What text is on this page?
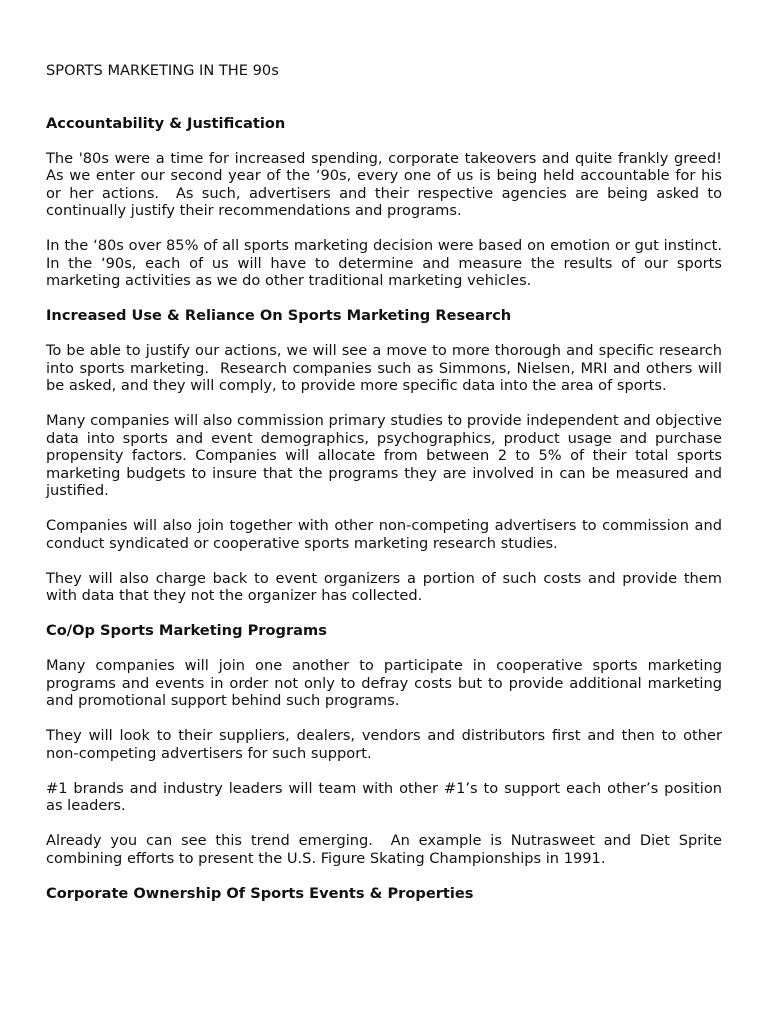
SPORTS MARKETING IN THE 90s

Accountability & Justification

The '80s were a time for increased spending, corporate takeovers and quite frankly greed!  As we enter our second year of the ‘90s, every one of us is being held accountable for his or her actions.  As such, advertisers and their respective agencies are being asked to continually justify their recommendations and programs.

In the ‘80s over 85% of all sports marketing decision were based on emotion or gut instinct.  In the ‘90s, each of us will have to determine and measure the results of our sports marketing activities as we do other traditional marketing vehicles.

Increased Use & Reliance On Sports Marketing Research

To be able to justify our actions, we will see a move to more thorough and specific research into sports marketing.  Research companies such as Simmons, Nielsen, MRI and others will be asked, and they will comply, to provide more specific data into the area of sports.

Many companies will also commission primary studies to provide independent and objective data into sports and event demographics, psychographics, product usage and purchase propensity factors. Companies will allocate from between 2 to 5% of their total sports marketing budgets to insure that the programs they are involved in can be measured and justified.

Companies will also join together with other non-competing advertisers to commission and conduct syndicated or cooperative sports marketing research studies.

They will also charge back to event organizers a portion of such costs and provide them with data that they not the organizer has collected.

Co/Op Sports Marketing Programs

Many companies will join one another to participate in cooperative sports marketing programs and events in order not only to defray costs but to provide additional marketing and promotional support behind such programs.

They will look to their suppliers, dealers, vendors and distributors first and then to other non-competing advertisers for such support.

#1 brands and industry leaders will team with other #1’s to support each other’s position as leaders.

Already you can see this trend emerging.  An example is Nutrasweet and Diet Sprite combining efforts to present the U.S. Figure Skating Championships in 1991.

Corporate Ownership Of Sports Events & Properties
